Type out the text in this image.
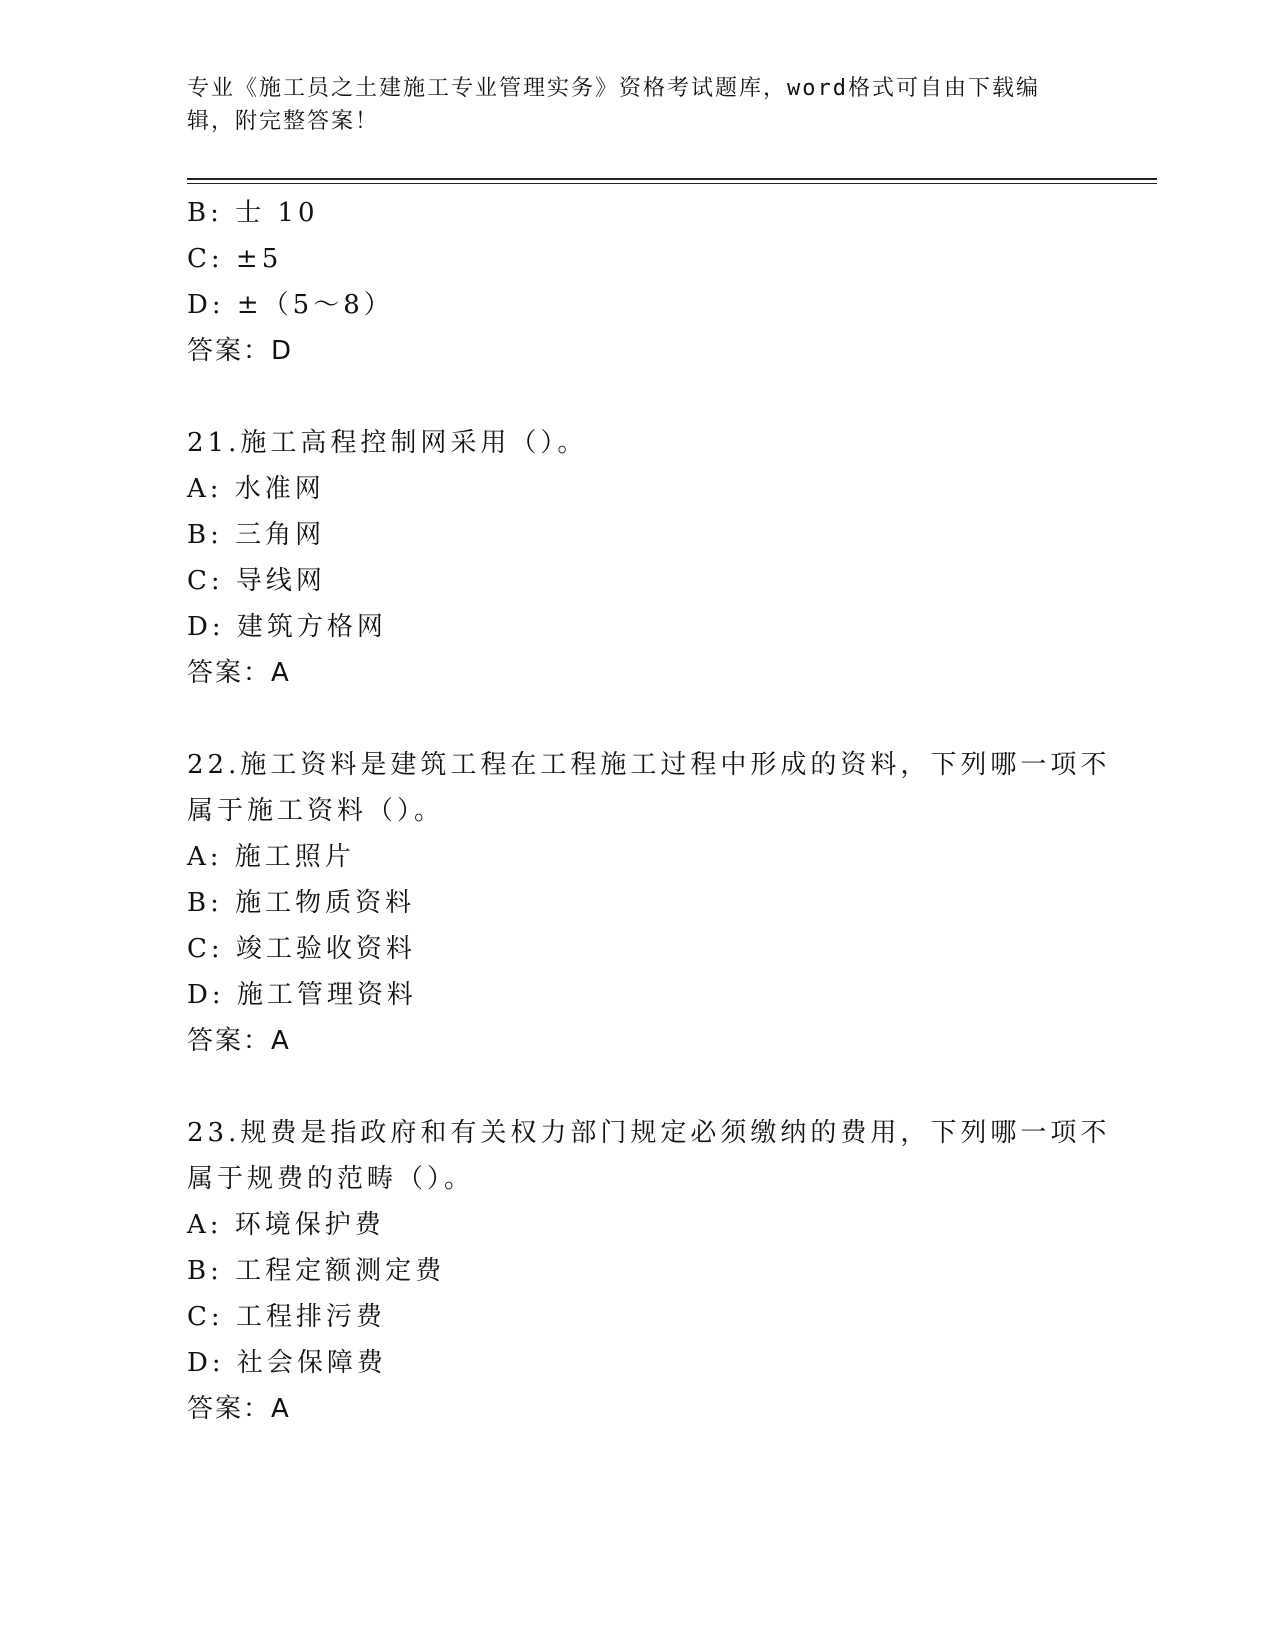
专业《施工员之土建施工专业管理实务》资格考试题库，word格式可自由下载编
辑，附完整答案！
B: 士 10
C: ±5
D: ±（5～8）
答案：D
21.施工高程控制网采用（）。
A: 水准网
B: 三角网
C: 导线网
D: 建筑方格网
答案：A
22.施工资料是建筑工程在工程施工过程中形成的资料，下列哪一项不
属于施工资料（）。
A: 施工照片
B: 施工物质资料
C: 竣工验收资料
D: 施工管理资料
答案：A
23.规费是指政府和有关权力部门规定必须缴纳的费用，下列哪一项不
属于规费的范畴（）。
A: 环境保护费
B: 工程定额测定费
C: 工程排污费
D: 社会保障费
答案：A
